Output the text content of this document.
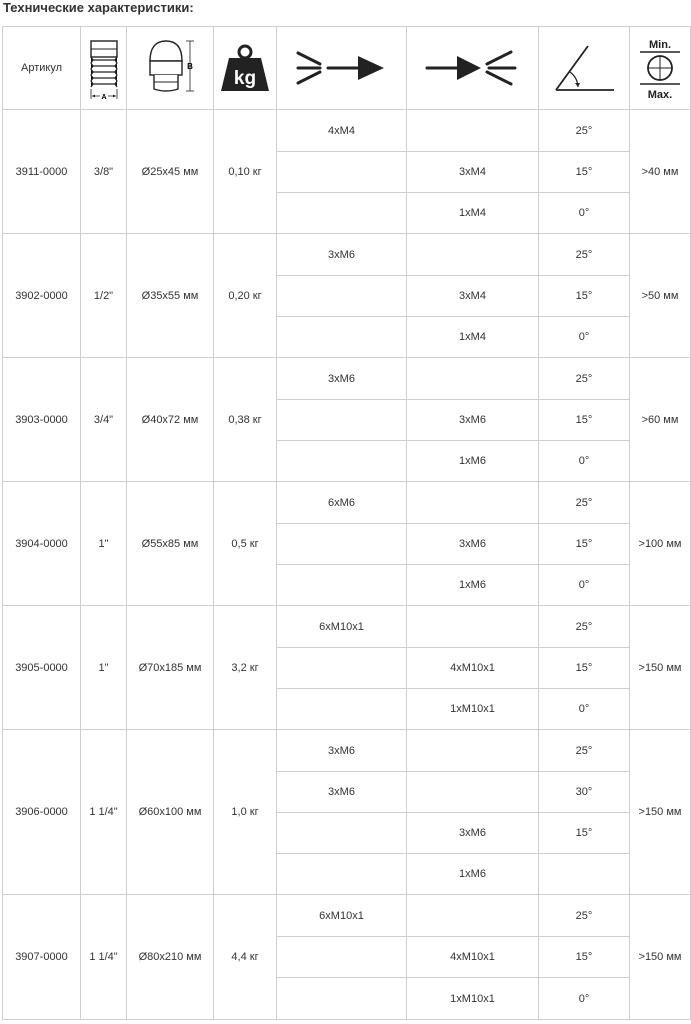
Технические характеристики:
Артикул	A	B	kg				Min.
Max.

3911-0000	3/8"	Ø25x45 мм	0,10 кг	4xM4		25°	>40 мм
					3xM4	15°	
					1xM4	0°	
3902-0000	1/2"	Ø35x55 мм	0,20 кг	3xM6		25°	>50 мм
					3xM4	15°	
					1xM4	0°	
3903-0000	3/4"	Ø40x72 мм	0,38 кг	3xM6		25°	>60 мм
					3xM6	15°	
					1xM6	0°	
3904-0000	1"	Ø55x85 мм	0,5 кг	6xM6		25°	>100 мм
					3xM6	15°	
					1xM6	0°	
3905-0000	1"	Ø70x185 мм	3,2 кг	6xM10x1		25°	>150 мм
					4xM10x1	15°	
					1xM10x1	0°	
3906-0000	1 1/4"	Ø60x100 мм	1,0 кг	3xM6		25°	>150 мм
				3xM6		30°	
					3xM6	15°	
					1xM6		
3907-0000	1 1/4"	Ø80x210 мм	4,4 кг	6xM10x1		25°	>150 мм
					4xM10x1	15°	
					1xM10x1	0°	
